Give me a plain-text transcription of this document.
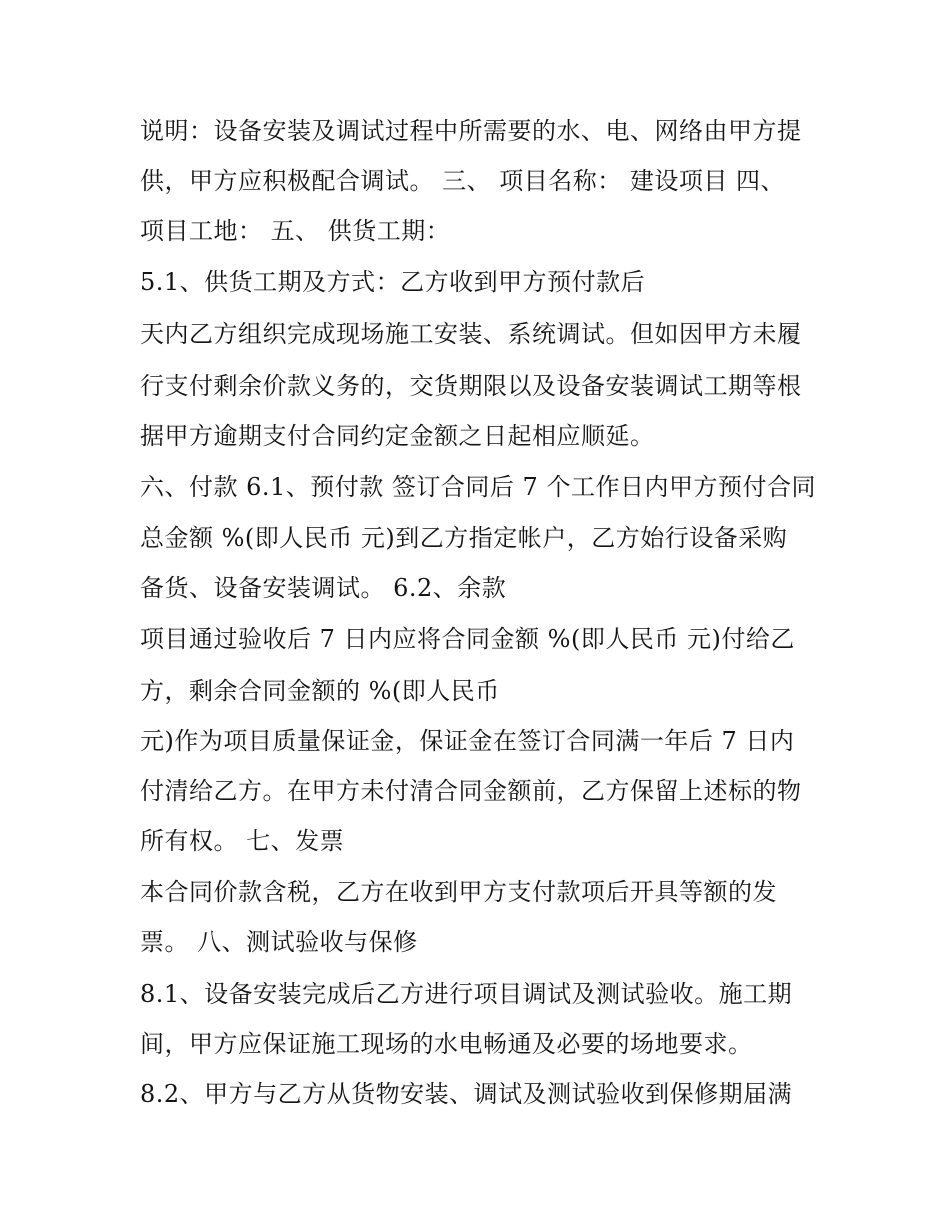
说明：设备安装及调试过程中所需要的水、电、网络由甲方提
供，甲方应积极配合调试。 三、 项目名称： 建设项目 四、
项目工地： 五、 供货工期：
5.1、供货工期及方式：乙方收到甲方预付款后
天内乙方组织完成现场施工安装、系统调试。但如因甲方未履
行支付剩余价款义务的，交货期限以及设备安装调试工期等根
据甲方逾期支付合同约定金额之日起相应顺延。
六、付款 6.1、预付款 签订合同后 7 个工作日内甲方预付合同
总金额 %(即人民币 元)到乙方指定帐户，乙方始行设备采购
备货、设备安装调试。 6.2、余款
项目通过验收后 7 日内应将合同金额 %(即人民币 元)付给乙
方，剩余合同金额的 %(即人民币
元)作为项目质量保证金，保证金在签订合同满一年后 7 日内
付清给乙方。在甲方未付清合同金额前，乙方保留上述标的物
所有权。 七、发票
本合同价款含税，乙方在收到甲方支付款项后开具等额的发
票。 八、测试验收与保修
8.1、设备安装完成后乙方进行项目调试及测试验收。施工期
间，甲方应保证施工现场的水电畅通及必要的场地要求。
8.2、甲方与乙方从货物安装、调试及测试验收到保修期届满
